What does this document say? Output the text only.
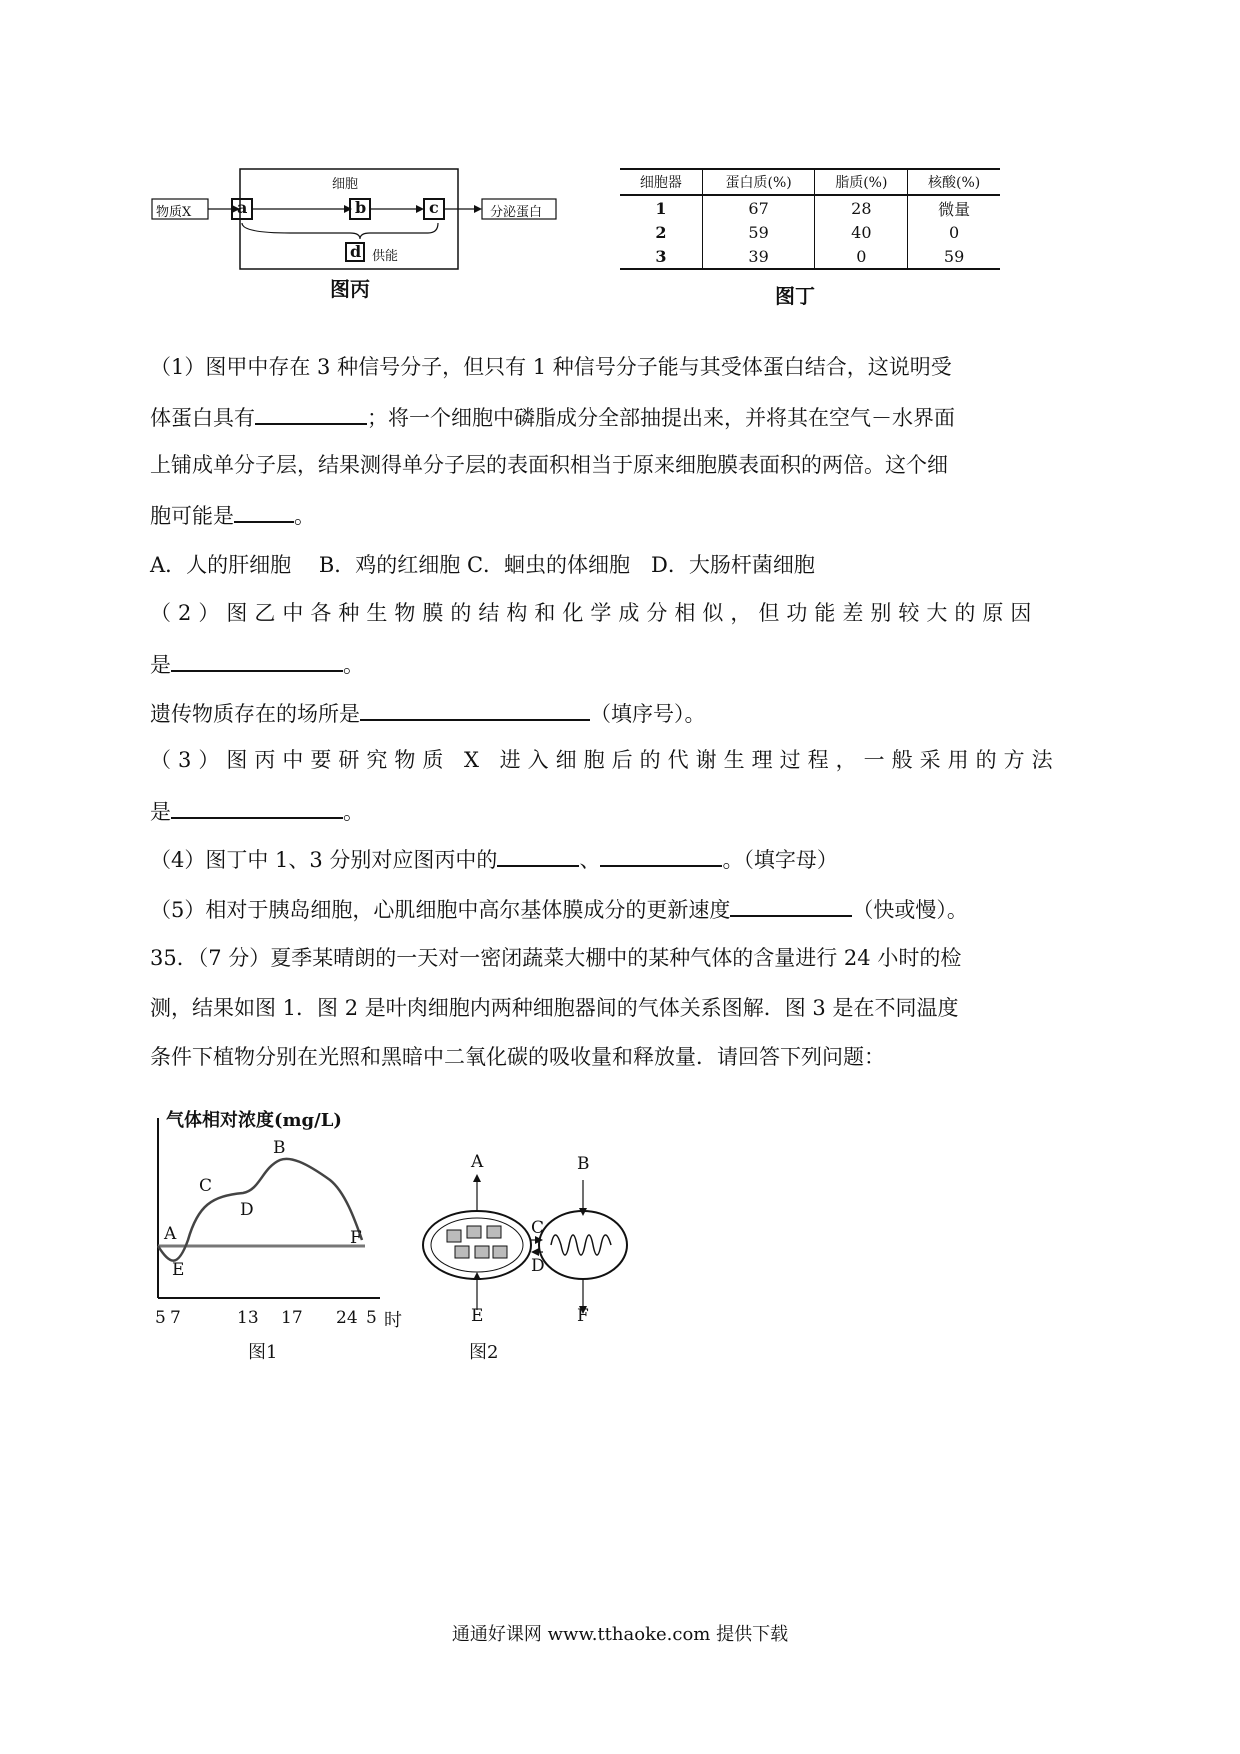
细胞
物质X	a	b	c
d 供能
分泌蛋白
图丙
细胞器	蛋白质(%)	脂质(%)	核酸(%)
1	67	28	微量
2	59	40	0
3	39	0	59
图丁
（1）图甲中存在 3 种信号分子，但只有 1 种信号分子能与其受体蛋白结合，这说明受
体蛋白具有	；将一个细胞中磷脂成分全部抽提出来，并将其在空气－水界面
上铺成单分子层，结果测得单分子层的表面积相当于原来细胞膜表面积的两倍。这个细
胞可能是	。
A．人的肝细胞　 B．鸡的红细胞 C．蛔虫的体细胞　D．大肠杆菌细胞
（2）图乙中各种生物膜的结构和化学成分相似，但功能差别较大的原因
是	。
遗传物质存在的场所是	（填序号）。
（3）图丙中要研究物质 X 进入细胞后的代谢生理过程，一般采用的方法
是	。
（4）图丁中 1、3 分别对应图丙中的	、	。（填字母）
（5）相对于胰岛细胞，心肌细胞中高尔基体膜成分的更新速度	（快或慢）。
35．（7 分）夏季某晴朗的一天对一密闭蔬菜大棚中的某种气体的含量进行 24 小时的检
测，结果如图 1．图 2 是叶肉细胞内两种细胞器间的气体关系图解．图 3 是在不同温度
条件下植物分别在光照和黑暗中二氧化碳的吸收量和释放量．请回答下列问题：
气体相对浓度(mg/L)
A
B
C
D
E
F
5 7	13 17 24 5 时
图1
A	B
C
D
E	F
图2
通通好课网 www.tthaoke.com 提供下载
